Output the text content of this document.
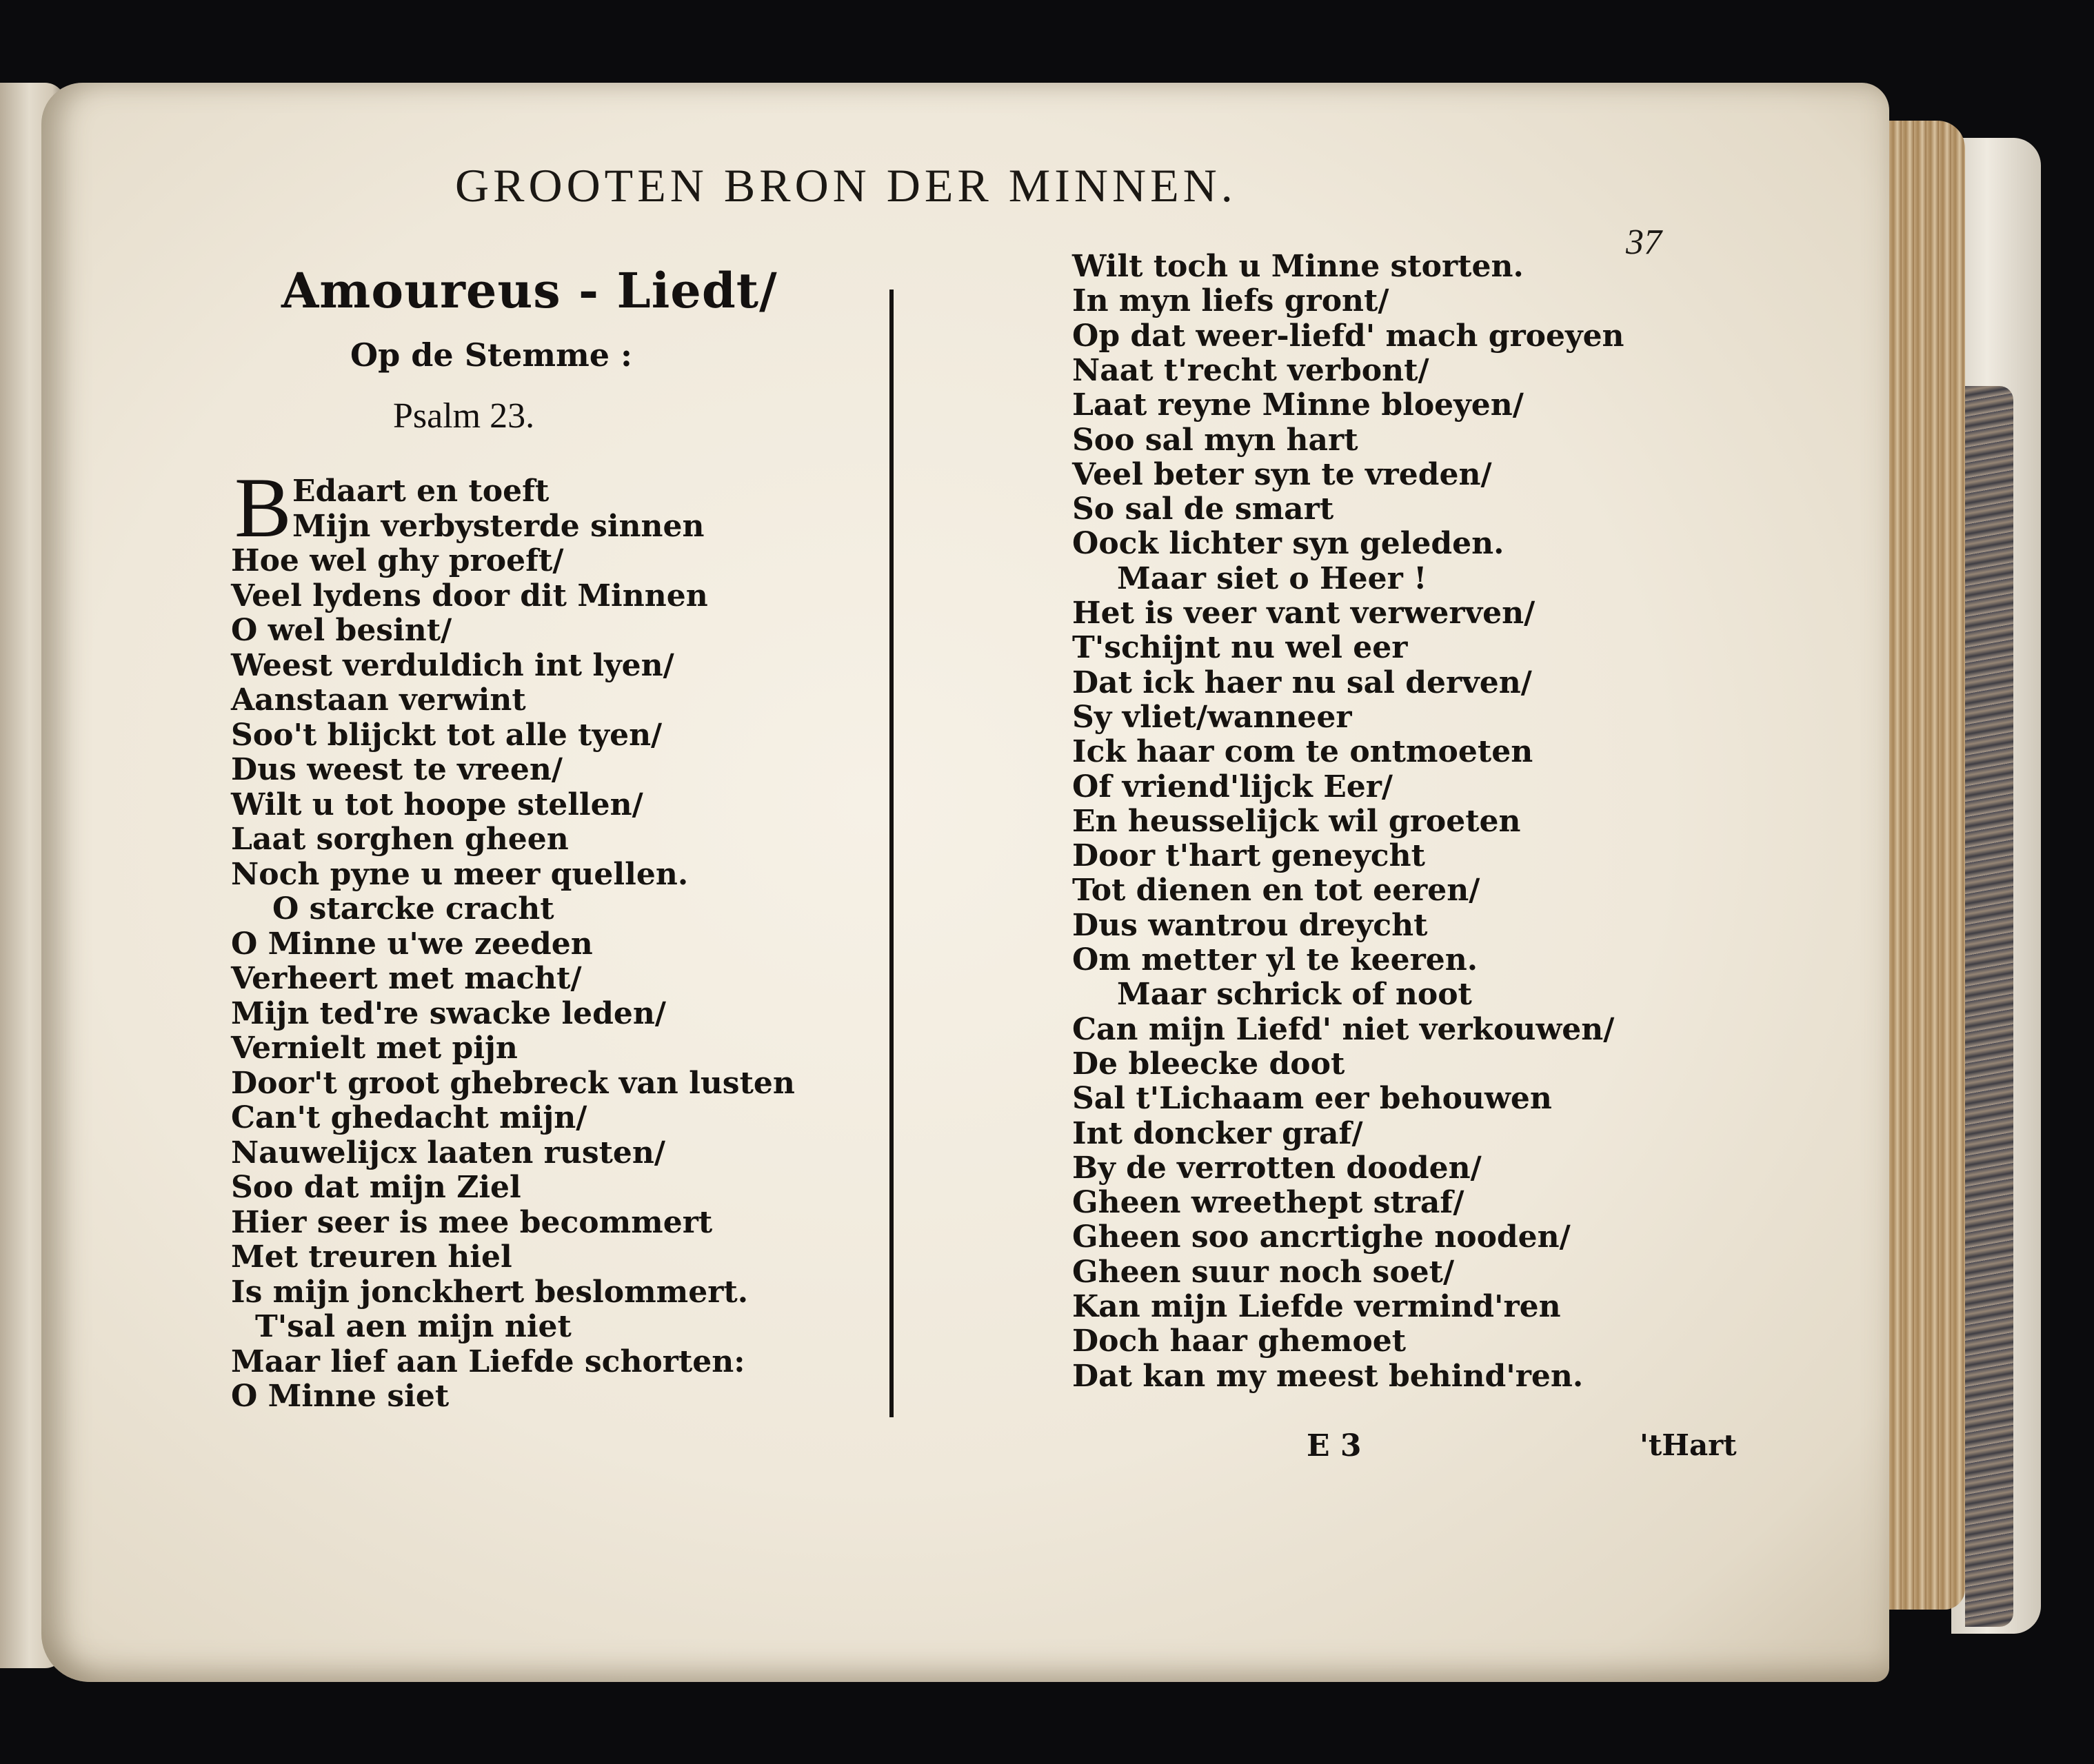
GROOTEN BRON DER MINNEN.
37
Amoureus - Liedt/
Op de Stemme :
Psalm 23.
B Edaart en toeft
Mijn verbysterde sinnen
Hoe wel ghy proeft/
Veel lydens door dit Minnen
O wel besint/
Weest verduldich int lyen/
Aanstaan verwint
Soo't blijckt tot alle tyen/
Dus weest te vreen/
Wilt u tot hoope stellen/
Laat sorghen gheen
Noch pyne u meer quellen.
O starcke cracht
O Minne u'we zeeden
Verheert met macht/
Mijn ted're swacke leden/
Vernielt met pijn
Door't groot ghebreck van lusten
Can't ghedacht mijn/
Nauwelijcx laaten rusten/
Soo dat mijn Ziel
Hier seer is mee becommert
Met treuren hiel
Is mijn jonckhert beslommert.
T'sal aen mijn niet
Maar lief aan Liefde schorten:
O Minne siet
Wilt toch u Minne storten.
In myn liefs gront/
Op dat weer-liefd' mach groeyen
Naat t'recht verbont/
Laat reyne Minne bloeyen/
Soo sal myn hart
Veel beter syn te vreden/
So sal de smart
Oock lichter syn geleden.
Maar siet o Heer !
Het is veer vant verwerven/
T'schijnt nu wel eer
Dat ick haer nu sal derven/
Sy vliet/wanneer
Ick haar com te ontmoeten
Of vriend'lijck Eer/
En heusselijck wil groeten
Door t'hart geneycht
Tot dienen en tot eeren/
Dus wantrou dreycht
Om metter yl te keeren.
Maar schrick of noot
Can mijn Liefd' niet verkouwen/
De bleecke doot
Sal t'Lichaam eer behouwen
Int doncker graf/
By de verrotten dooden/
Gheen wreethept straf/
Gheen soo ancrtighe nooden/
Gheen suur noch soet/
Kan mijn Liefde vermind'ren
Doch haar ghemoet
Dat kan my meest behind'ren.
E 3	'tHart
